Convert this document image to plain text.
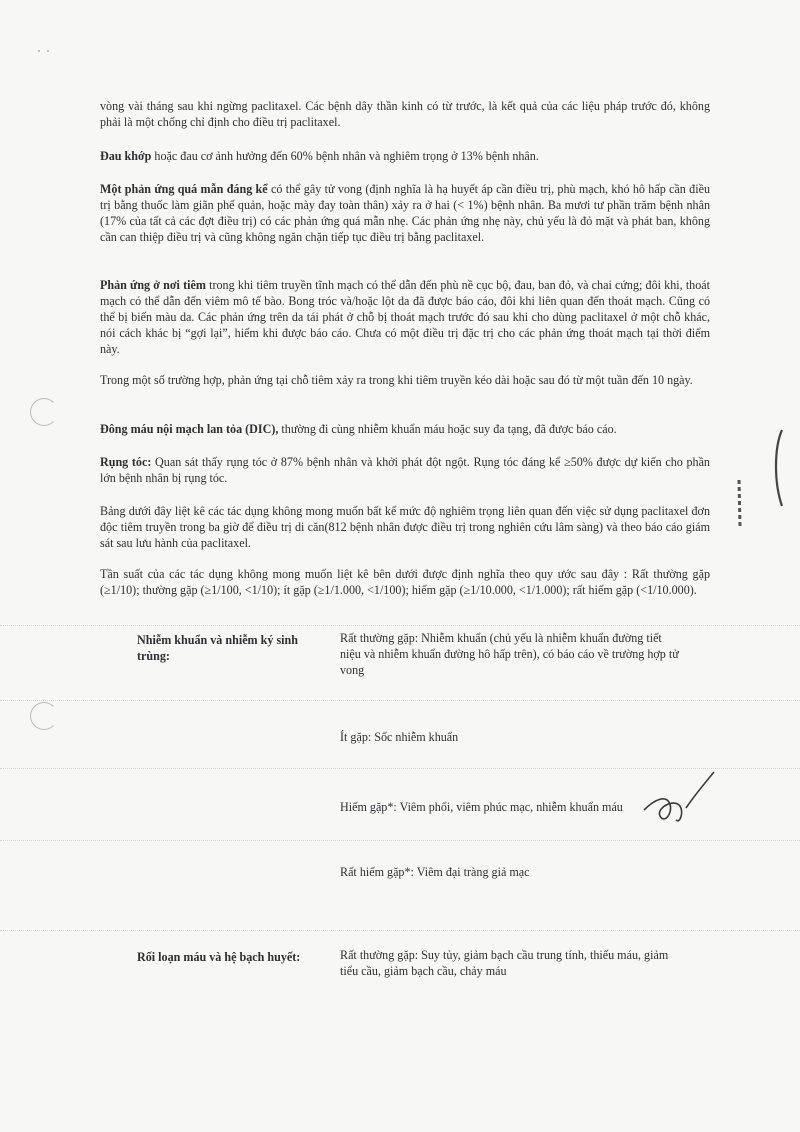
vòng vài tháng sau khi ngừng paclitaxel. Các bệnh dây thần kinh có từ trước, là kết quả của các liệu pháp trước đó, không phải là một chống chỉ định cho điều trị paclitaxel.

Đau khớp hoặc đau cơ ảnh hưởng đến 60% bệnh nhân và nghiêm trọng ở 13% bệnh nhân.

Một phản ứng quá mẫn đáng kể có thể gây tử vong (định nghĩa là hạ huyết áp cần điều trị, phù mạch, khó hô hấp cần điều trị bằng thuốc làm giãn phế quản, hoặc mày đay toàn thân) xảy ra ở hai (< 1%) bệnh nhân. Ba mươi tư phần trăm bệnh nhân (17% của tất cả các đợt điều trị) có các phản ứng quá mẫn nhẹ. Các phản ứng nhẹ này, chủ yếu là đỏ mặt và phát ban, không cần can thiệp điều trị và cũng không ngăn chặn tiếp tục điều trị bằng paclitaxel.

Phản ứng ở nơi tiêm trong khi tiêm truyền tĩnh mạch có thể dẫn đến phù nề cục bộ, đau, ban đỏ, và chai cứng; đôi khi, thoát mạch có thể dẫn đến viêm mô tế bào. Bong tróc và/hoặc lột da đã được báo cáo, đôi khi liên quan đến thoát mạch. Cũng có thể bị biến màu da. Các phản ứng trên da tái phát ở chỗ bị thoát mạch trước đó sau khi cho dùng paclitaxel ở một chỗ khác, nói cách khác bị “gợi lại”, hiếm khi được báo cáo. Chưa có một điều trị đặc trị cho các phản ứng thoát mạch tại thời điểm này.

Trong một số trường hợp, phản ứng tại chỗ tiêm xảy ra trong khi tiêm truyền kéo dài hoặc sau đó từ một tuần đến 10 ngày.

Đông máu nội mạch lan tỏa (DIC), thường đi cùng nhiễm khuẩn máu hoặc suy đa tạng, đã được báo cáo.

Rụng tóc: Quan sát thấy rụng tóc ở 87% bệnh nhân và khởi phát đột ngột. Rụng tóc đáng kể ≥50% được dự kiến cho phần lớn bệnh nhân bị rụng tóc.

Bảng dưới đây liệt kê các tác dụng không mong muốn bất kể mức độ nghiêm trọng liên quan đến việc sử dụng paclitaxel đơn độc tiêm truyền trong ba giờ để điều trị di căn(812 bệnh nhân được điều trị trong nghiên cứu lâm sàng) và theo báo cáo giám sát sau lưu hành của paclitaxel.

Tần suất của các tác dụng không mong muốn liệt kê bên dưới được định nghĩa theo quy ước sau đây : Rất thường gặp (≥1/10); thường gặp (≥1/100, <1/10); ít gặp (≥1/1.000, <1/100); hiếm gặp (≥1/10.000, <1/1.000); rất hiếm gặp (<1/10.000).

Nhiễm khuẩn và nhiễm ký sinh trùng:

Rất thường gặp: Nhiễm khuẩn (chủ yếu là nhiễm khuẩn đường tiết niệu và nhiễm khuẩn đường hô hấp trên), có báo cáo về trường hợp tử vong

Ít gặp: Sốc nhiễm khuẩn

Hiếm gặp*: Viêm phổi, viêm phúc mạc, nhiễm khuẩn máu

Rất hiếm gặp*: Viêm đại tràng giả mạc

Rối loạn máu và hệ bạch huyết:	Rất thường gặp: Suy tủy, giảm bạch cầu trung tính, thiếu máu, giảm tiểu cầu, giảm bạch cầu, chảy máu
